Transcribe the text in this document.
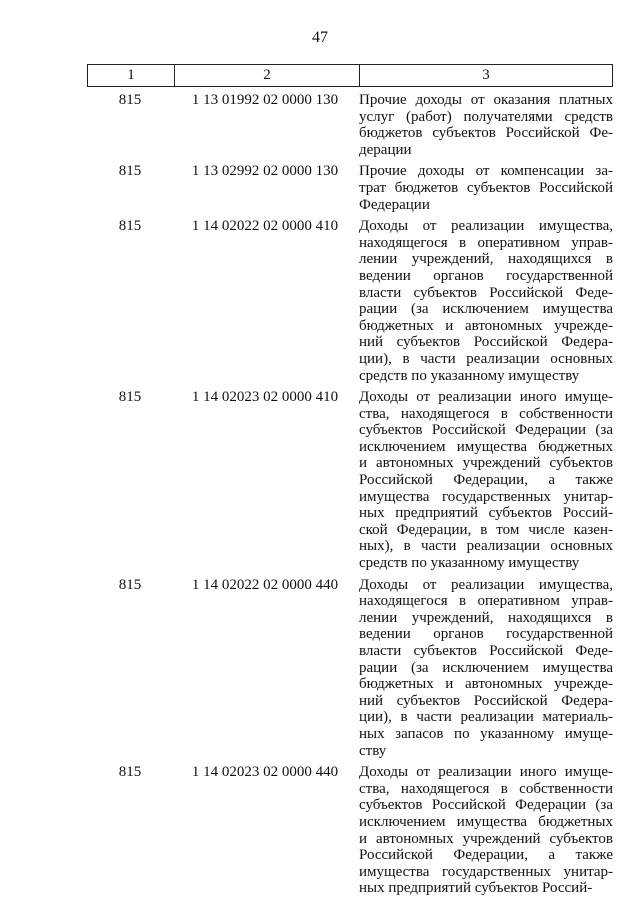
47
1	2	3
815	1 13 01992 02 0000 130	Прочие доходы от оказания платных
услуг (работ) получателями средств
бюджетов субъектов Российской Фе-
дерации
815	1 13 02992 02 0000 130	Прочие доходы от компенсации за-
трат бюджетов субъектов Российской
Федерации
815	1 14 02022 02 0000 410	Доходы от реализации имущества,
находящегося в оперативном управ-
лении учреждений, находящихся в
ведении органов государственной
власти субъектов Российской Феде-
рации (за исключением имущества
бюджетных и автономных учрежде-
ний субъектов Российской Федера-
ции), в части реализации основных
средств по указанному имуществу
815	1 14 02023 02 0000 410	Доходы от реализации иного имуще-
ства, находящегося в собственности
субъектов Российской Федерации (за
исключением имущества бюджетных
и автономных учреждений субъектов
Российской Федерации, а также
имущества государственных унитар-
ных предприятий субъектов Россий-
ской Федерации, в том числе казен-
ных), в части реализации основных
средств по указанному имуществу
815	1 14 02022 02 0000 440	Доходы от реализации имущества,
находящегося в оперативном управ-
лении учреждений, находящихся в
ведении органов государственной
власти субъектов Российской Феде-
рации (за исключением имущества
бюджетных и автономных учрежде-
ний субъектов Российской Федера-
ции), в части реализации материаль-
ных запасов по указанному имуще-
ству
815	1 14 02023 02 0000 440	Доходы от реализации иного имуще-
ства, находящегося в собственности
субъектов Российской Федерации (за
исключением имущества бюджетных
и автономных учреждений субъектов
Российской Федерации, а также
имущества государственных унитар-
ных предприятий субъектов Россий-
